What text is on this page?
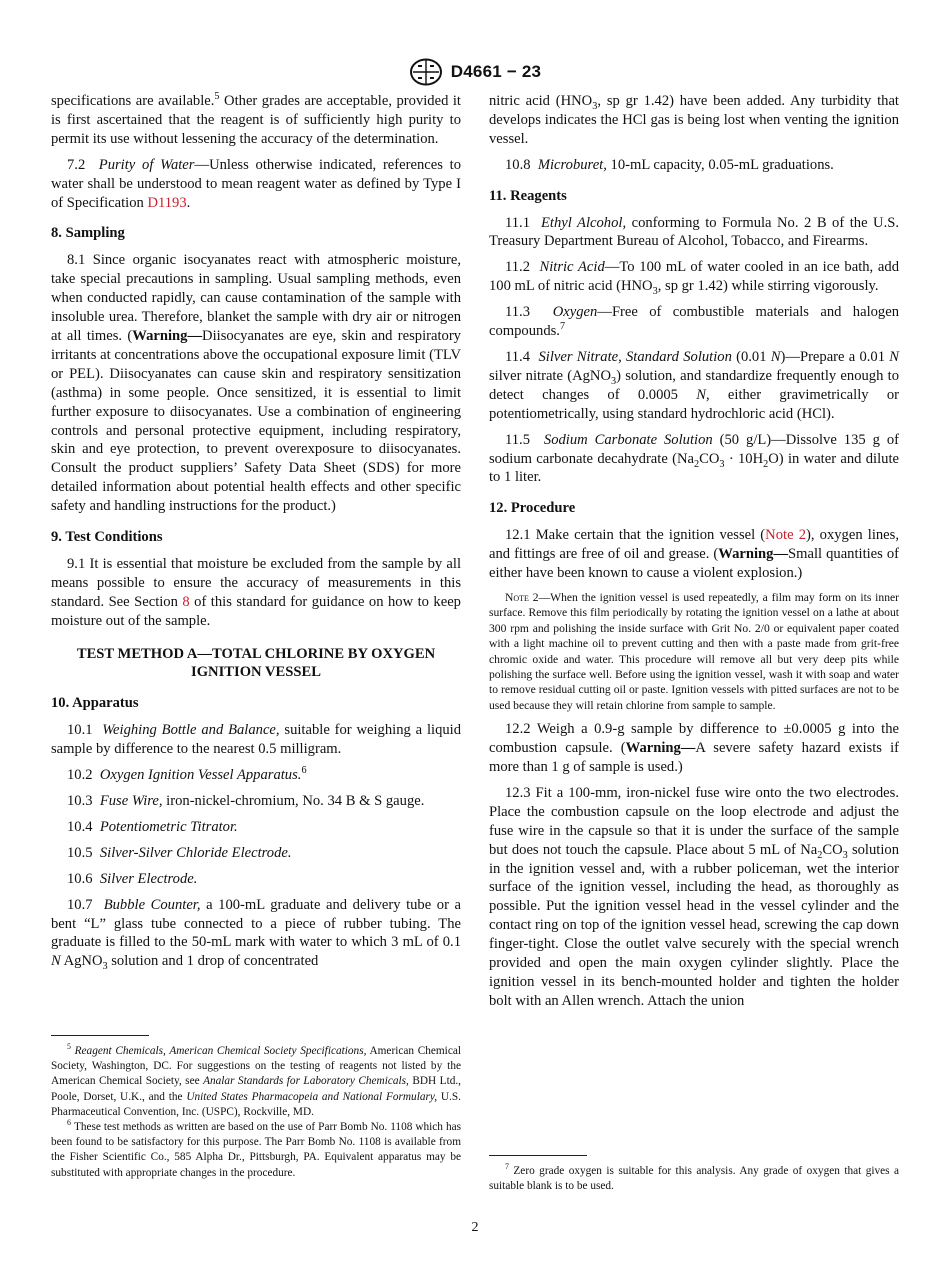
D4661 − 23

specifications are available.$^5$ Other grades are acceptable, provided it is first ascertained that the reagent is of sufficiently high purity to permit its use without lessening the accuracy of the determination.

7.2 Purity of Water—Unless otherwise indicated, references to water shall be understood to mean reagent water as defined by Type I of Specification D1193.

8. Sampling

8.1 Since organic isocyanates react with atmospheric moisture, take special precautions in sampling. Usual sampling methods, even when conducted rapidly, can cause contamination of the sample with insoluble urea. Therefore, blanket the sample with dry air or nitrogen at all times. (Warning—Diisocyanates are eye, skin and respiratory irritants at concentrations above the occupational exposure limit (TLV or PEL). Diisocyanates can cause skin and respiratory sensitization (asthma) in some people. Once sensitized, it is essential to limit further exposure to diisocyanates. Use a combination of engineering controls and personal protective equipment, including respiratory, skin and eye protection, to prevent overexposure to diisocyanates. Consult the product suppliers’ Safety Data Sheet (SDS) for more detailed information about potential health effects and other specific safety and handling instructions for the product.)

9. Test Conditions

9.1 It is essential that moisture be excluded from the sample by all means possible to ensure the accuracy of measurements in this standard. See Section 8 of this standard for guidance on how to keep moisture out of the sample.

TEST METHOD A—TOTAL CHLORINE BY OXYGEN IGNITION VESSEL
10. Apparatus

10.1 Weighing Bottle and Balance, suitable for weighing a liquid sample by difference to the nearest 0.5 milligram.

10.2 Oxygen Ignition Vessel Apparatus.$^6$

10.3 Fuse Wire, iron-nickel-chromium, No. 34 B & S gauge.

10.4 Potentiometric Titrator.

10.5 Silver-Silver Chloride Electrode.

10.6 Silver Electrode.

10.7 Bubble Counter, a 100-mL graduate and delivery tube or a bent “L” glass tube connected to a piece of rubber tubing. The graduate is filled to the 50-mL mark with water to which 3 mL of 0.1 N AgNO$_3$ solution and 1 drop of concentrated

$^5$ Reagent Chemicals, American Chemical Society Specifications, American Chemical Society, Washington, DC. For suggestions on the testing of reagents not listed by the American Chemical Society, see Analar Standards for Laboratory Chemicals, BDH Ltd., Poole, Dorset, U.K., and the United States Pharmacopeia and National Formulary, U.S. Pharmaceutical Convention, Inc. (USPC), Rockville, MD.

$^6$ These test methods as written are based on the use of Parr Bomb No. 1108 which has been found to be satisfactory for this purpose. The Parr Bomb No. 1108 is available from the Fisher Scientific Co., 585 Alpha Dr., Pittsburgh, PA. Equivalent apparatus may be substituted with appropriate changes in the procedure.

nitric acid ($HNO_3$, sp gr 1.42) have been added. Any turbidity that develops indicates the HCl gas is being lost when venting the ignition vessel.

10.8 Microburet, 10-mL capacity, 0.05-mL graduations.

11. Reagents

11.1 Ethyl Alcohol, conforming to Formula No. 2 B of the U.S. Treasury Department Bureau of Alcohol, Tobacco, and Firearms.

11.2 Nitric Acid—To 100 mL of water cooled in an ice bath, add 100 mL of nitric acid ($HNO_3$, sp gr 1.42) while stirring vigorously.

11.3 Oxygen—Free of combustible materials and halogen compounds.$^7$

11.4 Silver Nitrate, Standard Solution (0.01 N)—Prepare a 0.01 N silver nitrate (AgNO$_3$) solution, and standardize frequently enough to detect changes of 0.0005 N, either gravimetrically or potentiometrically, using standard hydrochloric acid (HCl).

11.5 Sodium Carbonate Solution (50 g/L)—Dissolve 135 g of sodium carbonate decahydrate $(Na_2CO_3 \cdot 10H_2O)$ in water and dilute to 1 liter.

12. Procedure

12.1 Make certain that the ignition vessel (Note 2), oxygen lines, and fittings are free of oil and grease. (Warning—Small quantities of either have been known to cause a violent explosion.)

Note 2—When the ignition vessel is used repeatedly, a film may form on its inner surface. Remove this film periodically by rotating the ignition vessel on a lathe at about 300 rpm and polishing the inside surface with Grit No. 2/0 or equivalent paper coated with a light machine oil to prevent cutting and then with a paste made from grit-free chromic oxide and water. This procedure will remove all but very deep pits while polishing the surface well. Before using the ignition vessel, wash it with soap and water to remove residual cutting oil or paste. Ignition vessels with pitted surfaces are not to be used because they will retain chlorine from sample to sample.

12.2 Weigh a 0.9-g sample by difference to ±0.0005 g into the combustion capsule. (Warning—A severe safety hazard exists if more than 1 g of sample is used.)

12.3 Fit a 100-mm, iron-nickel fuse wire onto the two electrodes. Place the combustion capsule on the loop electrode and adjust the fuse wire in the capsule so that it is under the surface of the sample but does not touch the capsule. Place about 5 mL of $Na_2CO_3$ solution in the ignition vessel and, with a rubber policeman, wet the interior surface of the ignition vessel, including the head, as thoroughly as possible. Put the ignition vessel head in the vessel cylinder and the contact ring on top of the ignition vessel head, screwing the cap down finger-tight. Close the outlet valve securely with the special wrench provided and open the main oxygen cylinder slightly. Place the ignition vessel in its bench-mounted holder and tighten the holder bolt with an Allen wrench. Attach the union

$^7$ Zero grade oxygen is suitable for this analysis. Any grade of oxygen that gives a suitable blank is to be used.

2
